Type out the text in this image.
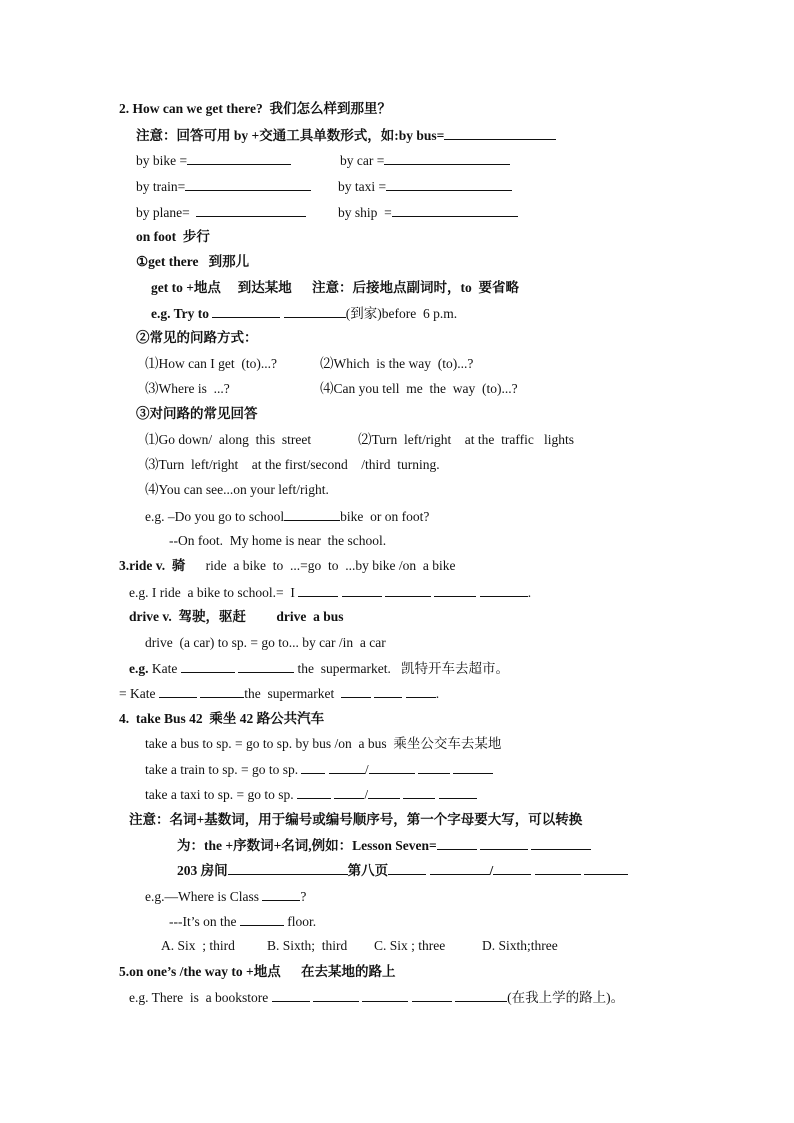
2. How can we get there?  我们怎么样到那里？
注意：回答可用 by +交通工具单数形式，如:by bus=
by bike =	by car =
by train=	by taxi =
by plane=	by ship  =
on foot  步行
①get there   到那儿
get to +地点     到达某地      注意：后接地点副词时，to  要省略
e.g. Try to	(到家)before  6 p.m.
②常见的问路方式：
⑴How can I get  (to)...?	⑵Which  is the way  (to)...?
⑶Where is  ...?	⑷Can you tell  me  the  way  (to)...?
③对问路的常见回答
⑴Go down/  along  this  street	⑵Turn  left/right    at the  traffic   lights
⑶Turn  left/right    at the first/second    /third  turning.
⑷You can see...on your left/right.
e.g. –Do you go to school	bike  or on foot?
--On foot.  My home is near  the school.
3.ride v.  骑 ride  a bike  to  ...=go  to  ...by bike /on  a bike
e.g. I ride  a bike to school.=  I	.
drive v.  驾驶，驱赶         drive  a bus
drive  (a car) to sp. = go to... by car /in  a car
e.g. Kate	the  supermarket.   凯特开车去超市。
= Kate	the  supermarket	.
4.  take Bus 42  乘坐 42 路公共汽车
take a bus to sp. = go to sp. by bus /on  a bus  乘坐公交车去某地
take a train to sp. = go to sp.	/
take a taxi to sp. = go to sp.	/
注意：名词+基数词，用于编号或编号顺序号，第一个字母要大写，可以转换
为：the +序数词+名词,例如：Lesson Seven=
203 房间	第八页	/
e.g.—Where is Class	?
---It’s on the	floor.
A. Six  ; third B. Sixth;  third C. Six ; three	D. Sixth;three
5.on one’s /the way to +地点      在去某地的路上
e.g. There  is  a bookstore	(在我上学的路上)。
